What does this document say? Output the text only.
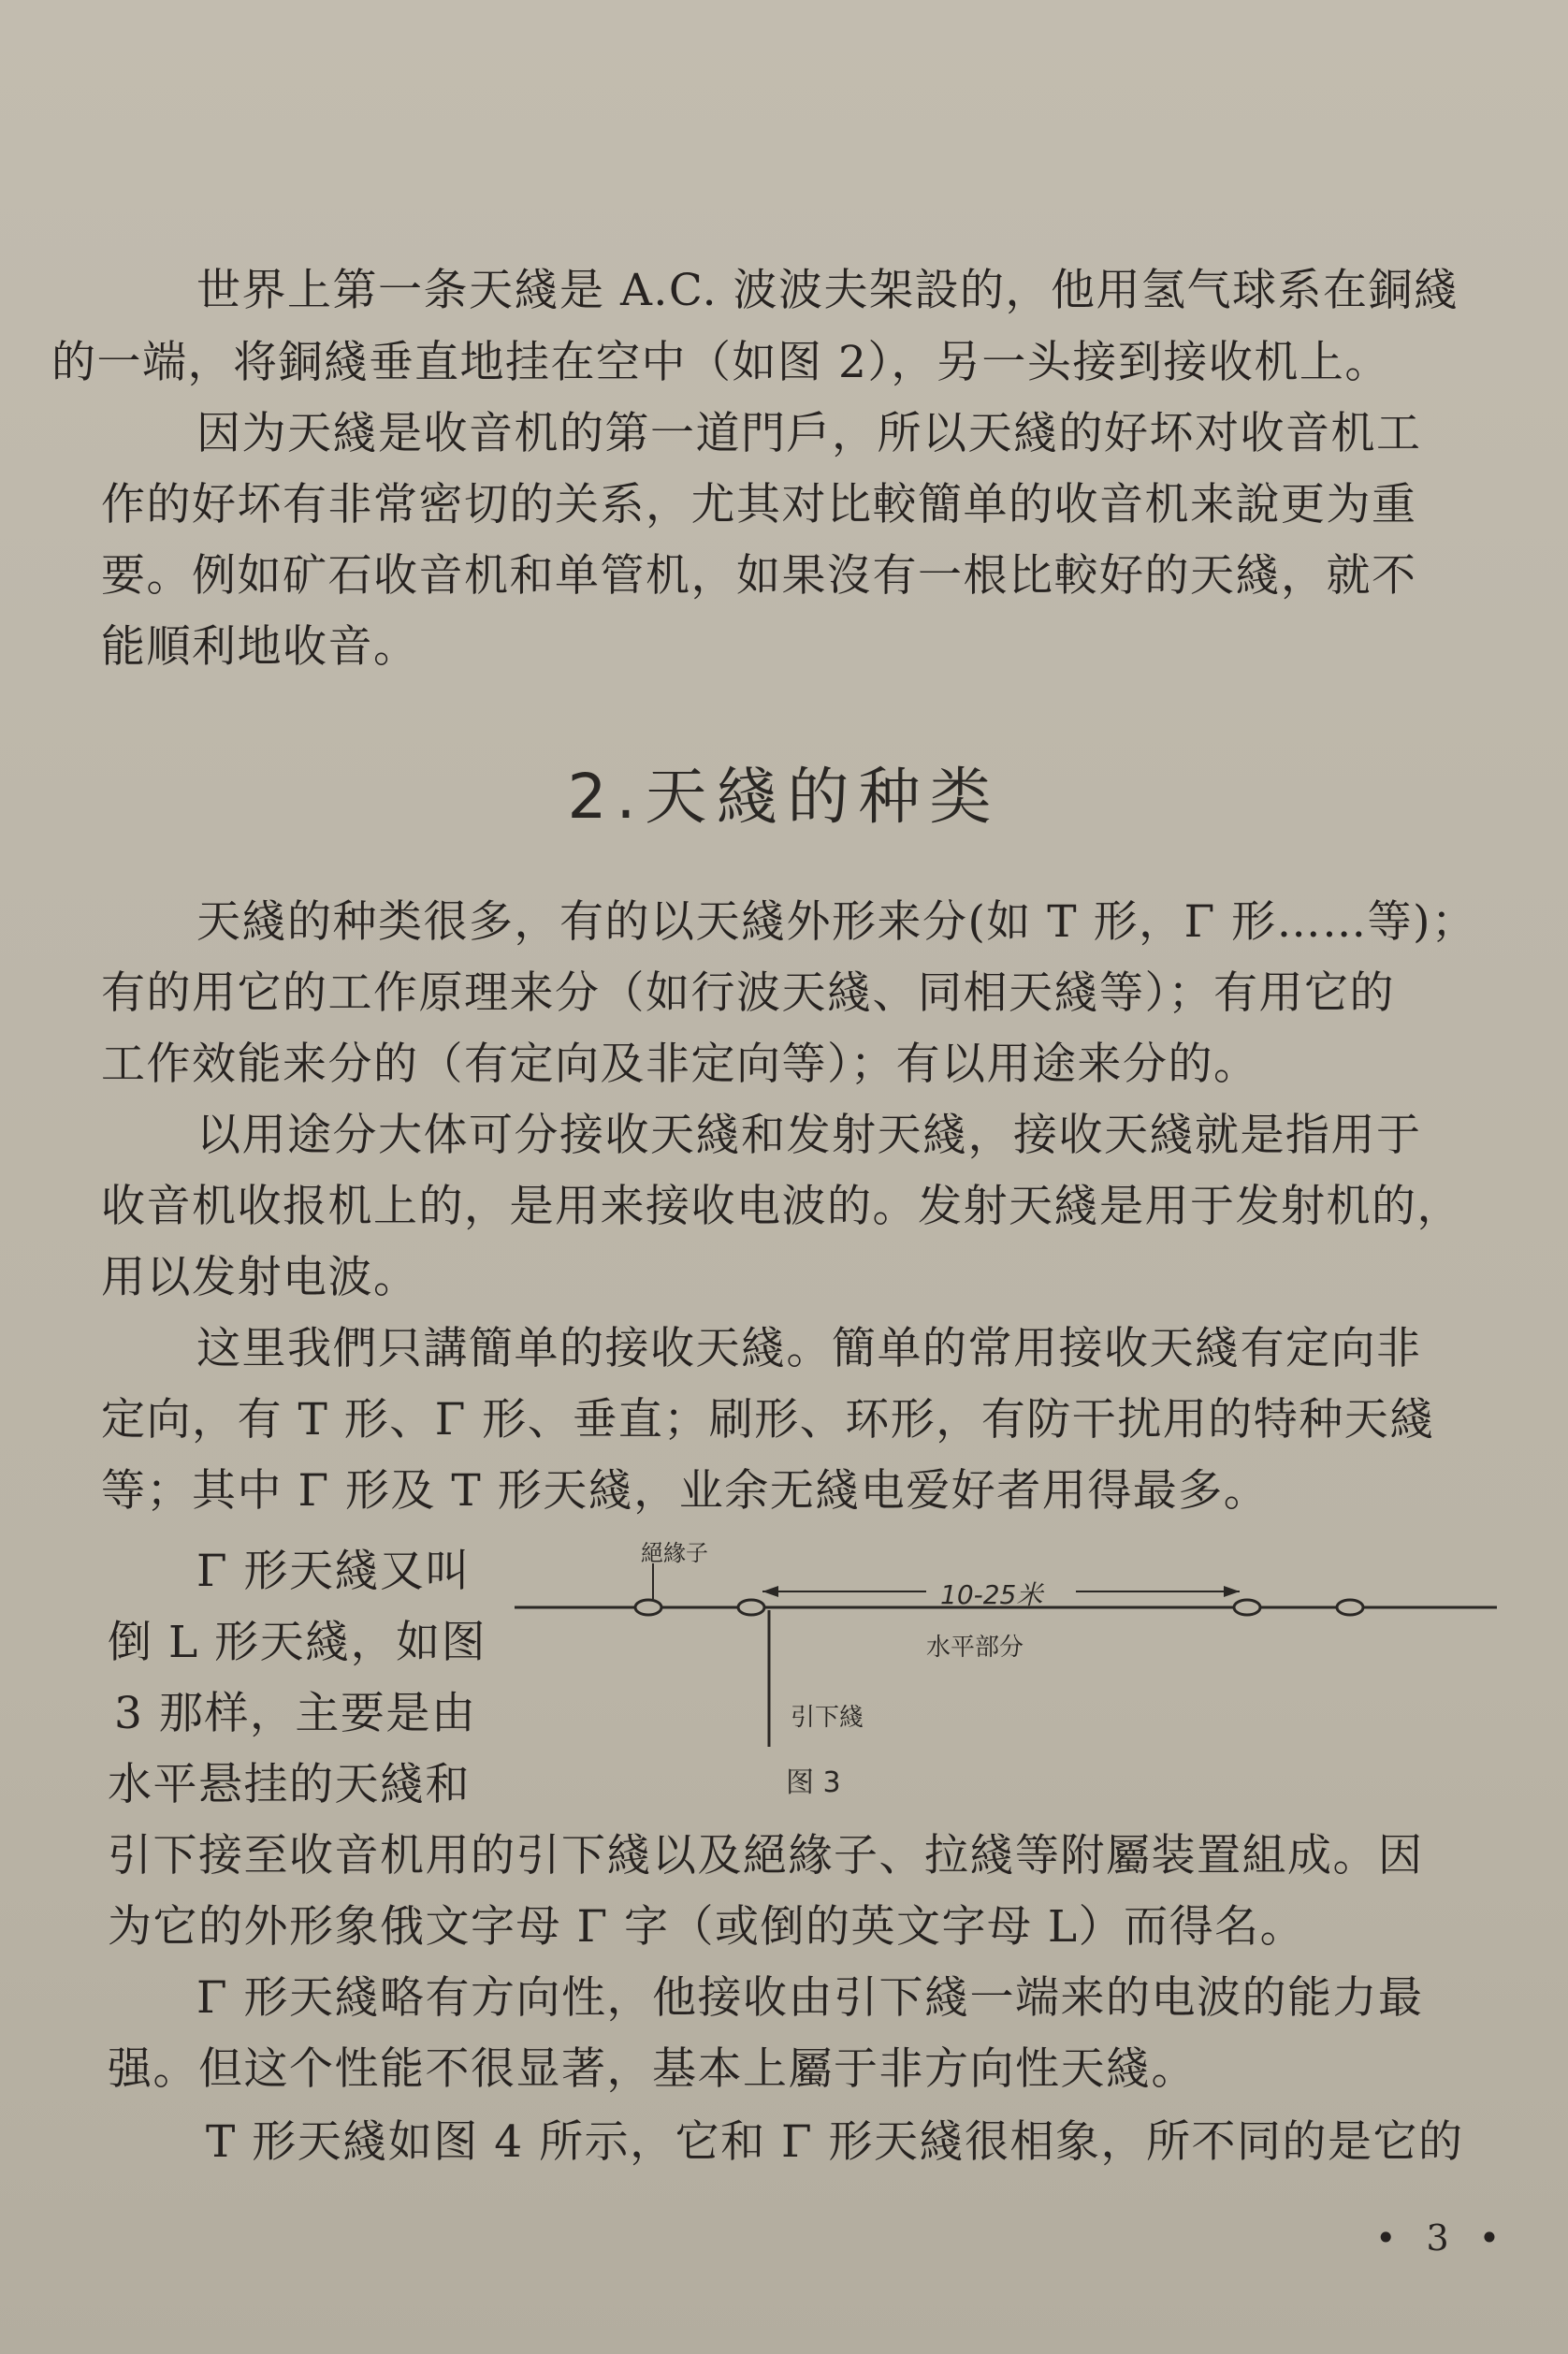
世界上第一条天綫是 A.C. 波波夫架設的，他用氢气球系在銅綫
的一端，将銅綫垂直地挂在空中（如图 2），另一头接到接收机上。
因为天綫是收音机的第一道門戶，所以天綫的好坏对收音机工
作的好坏有非常密切的关系，尤其对比較簡单的收音机来說更为重
要。例如矿石收音机和单管机，如果沒有一根比較好的天綫，就不
能順利地收音。
2.天綫的种类
天綫的种类很多，有的以天綫外形来分(如 T 形，Γ 形……等)；
有的用它的工作原理来分（如行波天綫、同相天綫等）；有用它的
工作效能来分的（有定向及非定向等）；有以用途来分的。
以用途分大体可分接收天綫和发射天綫，接收天綫就是指用于
收音机收报机上的，是用来接收电波的。发射天綫是用于发射机的，
用以发射电波。
这里我們只講簡单的接收天綫。簡单的常用接收天綫有定向非
定向，有 T 形、Γ 形、垂直；刷形、环形，有防干扰用的特种天綫
等；其中 Γ 形及 T 形天綫，业余无綫电爱好者用得最多。
Γ 形天綫又叫
倒 L 形天綫，如图
3 那样，主要是由
水平悬挂的天綫和
引下接至收音机用的引下綫以及絕緣子、拉綫等附屬装置組成。因
为它的外形象俄文字母 Γ 字（或倒的英文字母 L）而得名。
Γ 形天綫略有方向性，他接收由引下綫一端来的电波的能力最
强。但这个性能不很显著，基本上屬于非方向性天綫。
T 形天綫如图 4 所示，它和 Γ 形天綫很相象，所不同的是它的
絕緣子
10-25米
水平部分
引下綫
图 3
• 3 •
